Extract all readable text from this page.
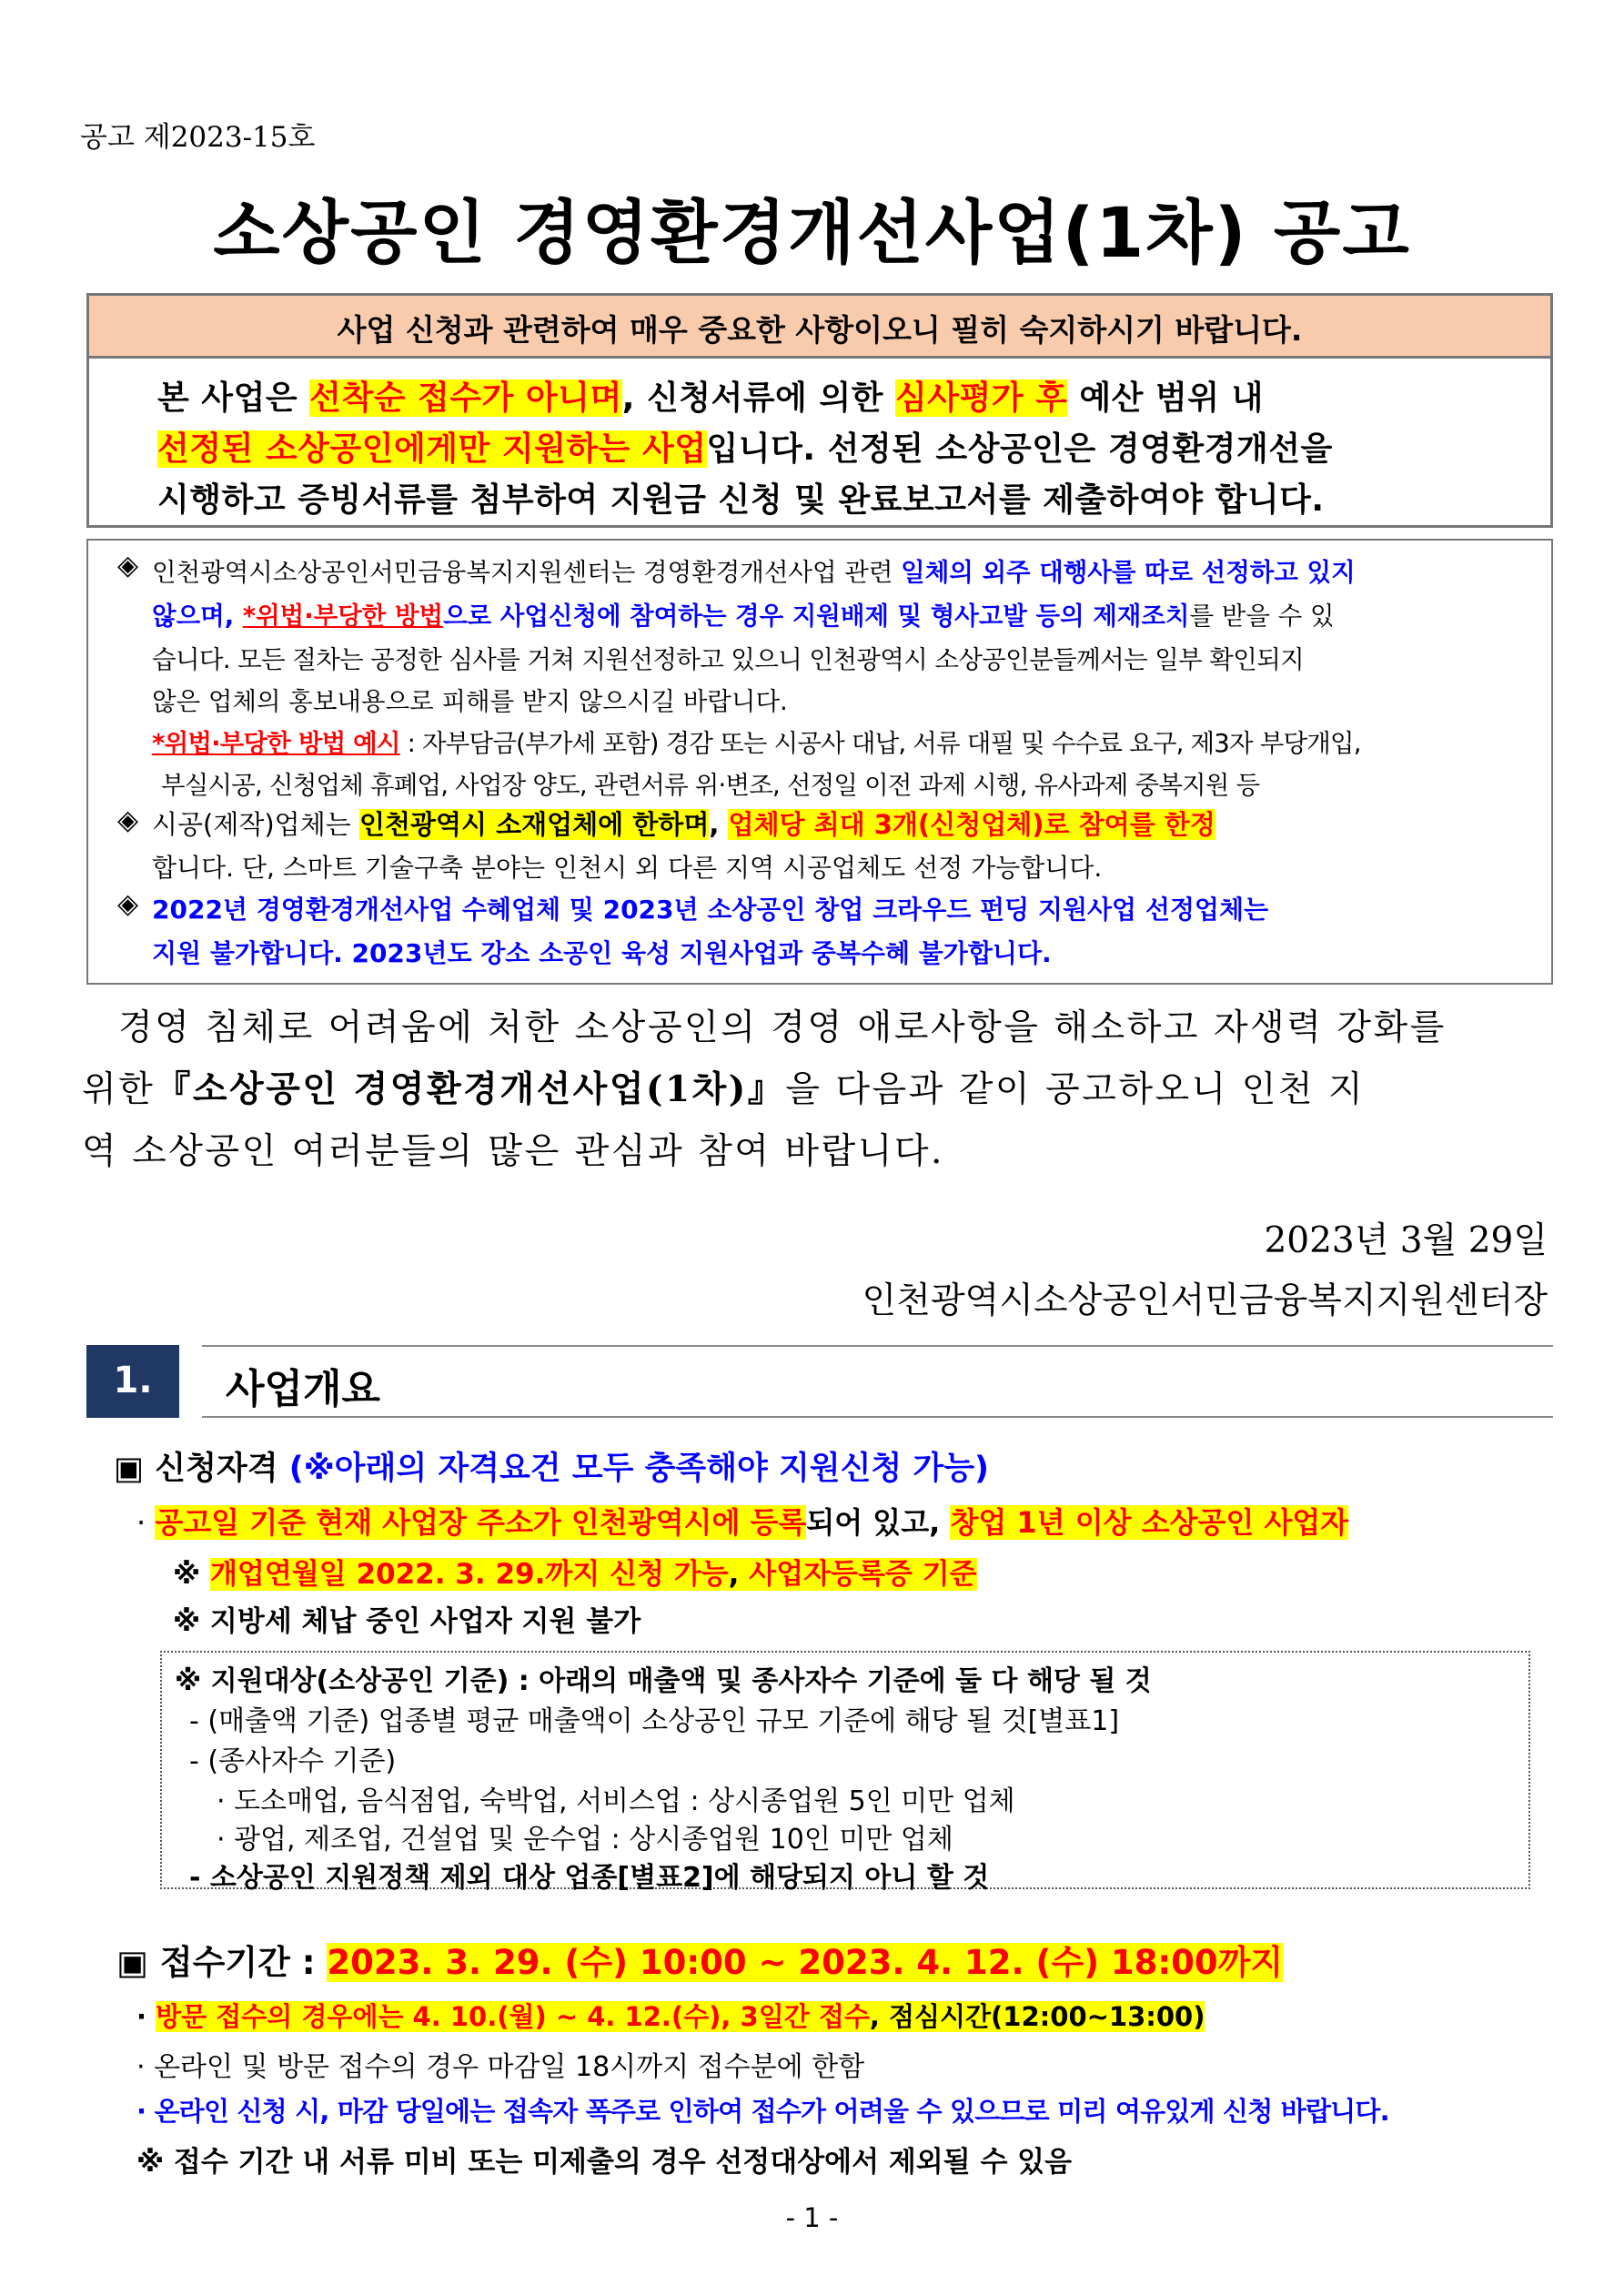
공고 제2023-15호
소상공인 경영환경개선사업(1차) 공고
사업 신청과 관련하여 매우 중요한 사항이오니 필히 숙지하시기 바랍니다.
본 사업은 선착순 접수가 아니며, 신청서류에 의한 심사평가 후 예산 범위 내
선정된 소상공인에게만 지원하는 사업입니다. 선정된 소상공인은 경영환경개선을
시행하고 증빙서류를 첨부하여 지원금 신청 및 완료보고서를 제출하여야 합니다.
◈ 인천광역시소상공인서민금융복지지원센터는 경영환경개선사업 관련 일체의 외주 대행사를 따로 선정하고 있지
않으며, *위법·부당한 방법으로 사업신청에 참여하는 경우 지원배제 및 형사고발 등의 제재조치를 받을 수 있
습니다. 모든 절차는 공정한 심사를 거쳐 지원선정하고 있으니 인천광역시 소상공인분들께서는 일부 확인되지
않은 업체의 홍보내용으로 피해를 받지 않으시길 바랍니다.
*위법·부당한 방법 예시 : 자부담금(부가세 포함) 경감 또는 시공사 대납, 서류 대필 및 수수료 요구, 제3자 부당개입,
부실시공, 신청업체 휴폐업, 사업장 양도, 관련서류 위·변조, 선정일 이전 과제 시행, 유사과제 중복지원 등
◈ 시공(제작)업체는 인천광역시 소재업체에 한하며, 업체당 최대 3개(신청업체)로 참여를 한정
합니다. 단, 스마트 기술구축 분야는 인천시 외 다른 지역 시공업체도 선정 가능합니다.
◈ 2022년 경영환경개선사업 수혜업체 및 2023년 소상공인 창업 크라우드 펀딩 지원사업 선정업체는
지원 불가합니다. 2023년도 강소 소공인 육성 지원사업과 중복수혜 불가합니다.
경영 침체로 어려움에 처한 소상공인의 경영 애로사항을 해소하고 자생력 강화를
위한『소상공인 경영환경개선사업(1차)』을 다음과 같이 공고하오니 인천 지
역 소상공인 여러분들의 많은 관심과 참여 바랍니다.
2023년 3월 29일
인천광역시소상공인서민금융복지지원센터장
1.	사업개요
▣ 신청자격 (※아래의 자격요건 모두 충족해야 지원신청 가능)
· 공고일 기준 현재 사업장 주소가 인천광역시에 등록되어 있고, 창업 1년 이상 소상공인 사업자
※ 개업연월일 2022. 3. 29.까지 신청 가능, 사업자등록증 기준
※ 지방세 체납 중인 사업자 지원 불가
※ 지원대상(소상공인 기준) : 아래의 매출액 및 종사자수 기준에 둘 다 해당 될 것
- (매출액 기준) 업종별 평균 매출액이 소상공인 규모 기준에 해당 될 것[별표1]
- (종사자수 기준)
· 도소매업, 음식점업, 숙박업, 서비스업 : 상시종업원 5인 미만 업체
· 광업, 제조업, 건설업 및 운수업 : 상시종업원 10인 미만 업체
- 소상공인 지원정책 제외 대상 업종[별표2]에 해당되지 아니 할 것
▣ 접수기간 : 2023. 3. 29. (수) 10:00 ~ 2023. 4. 12. (수) 18:00까지
· 방문 접수의 경우에는 4. 10.(월) ~ 4. 12.(수), 3일간 접수, 점심시간(12:00~13:00)
· 온라인 및 방문 접수의 경우 마감일 18시까지 접수분에 한함
· 온라인 신청 시, 마감 당일에는 접속자 폭주로 인하여 접수가 어려울 수 있으므로 미리 여유있게 신청 바랍니다.
※ 접수 기간 내 서류 미비 또는 미제출의 경우 선정대상에서 제외될 수 있음
- 1 -
